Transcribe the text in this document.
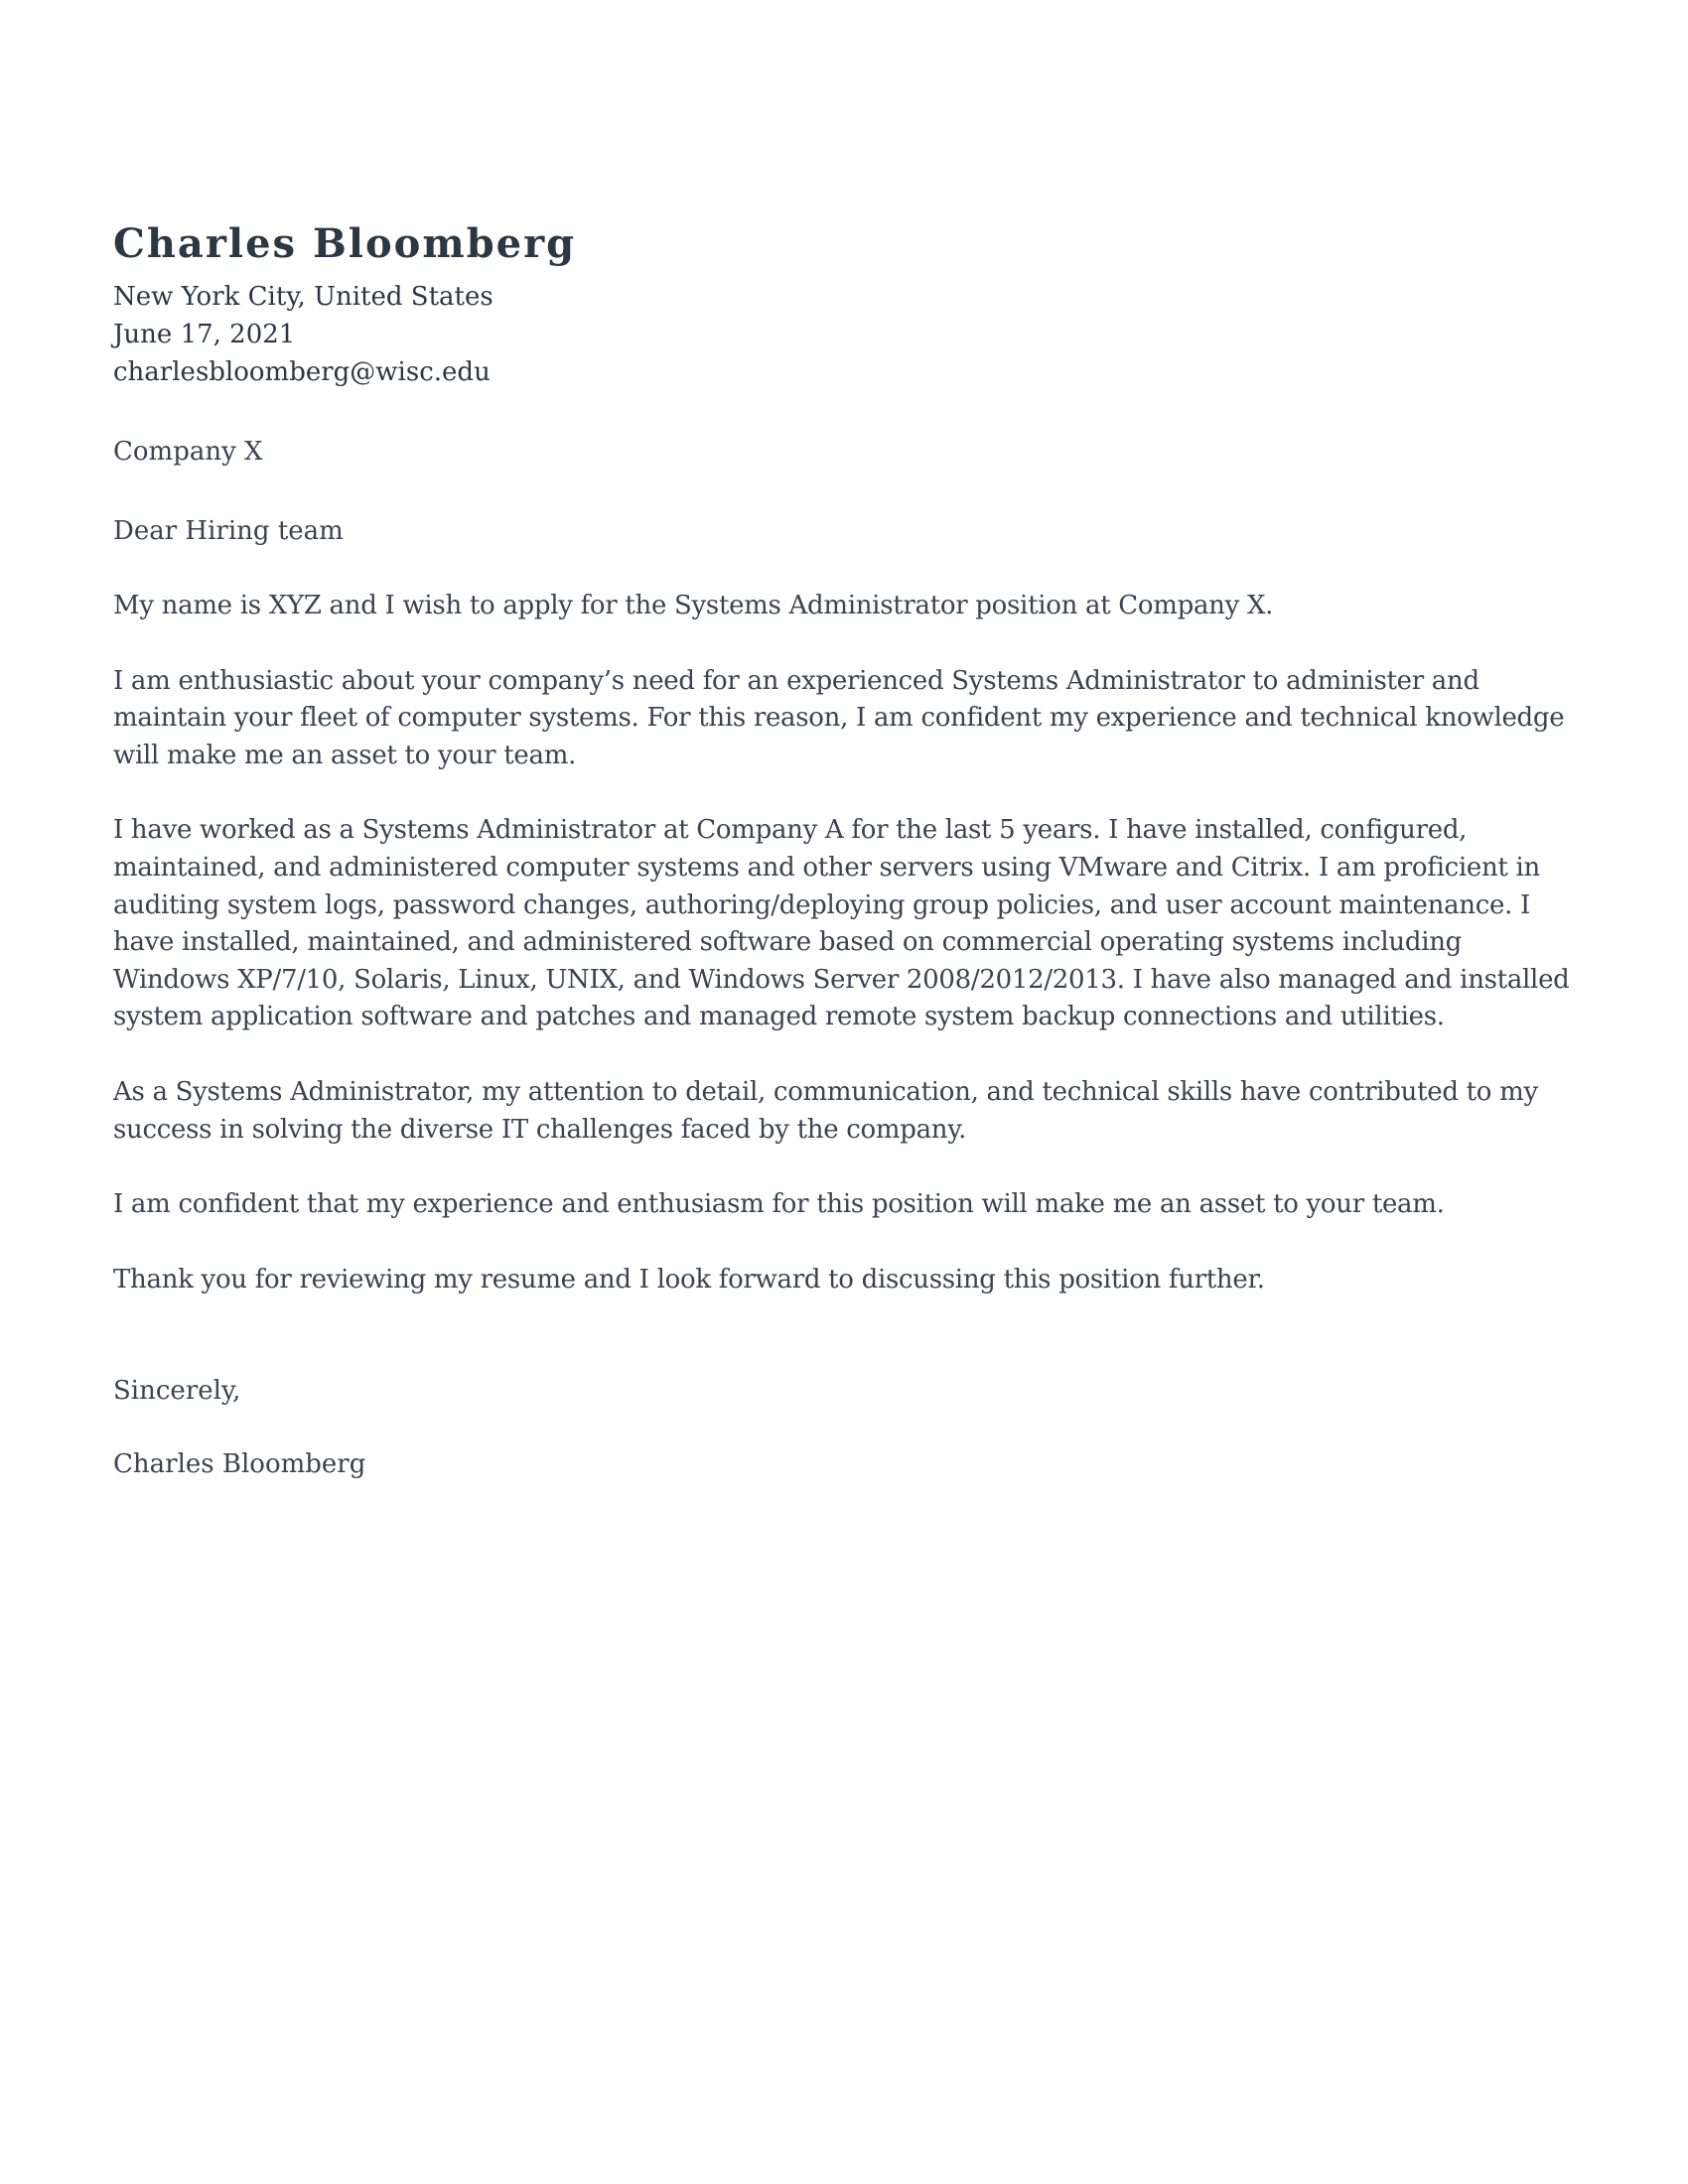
Charles Bloomberg
New York City, United States
June 17, 2021
charlesbloomberg@wisc.edu
Company X
Dear Hiring team

My name is XYZ and I wish to apply for the Systems Administrator position at Company X.

I am enthusiastic about your company’s need for an experienced Systems Administrator to administer and maintain your fleet of computer systems. For this reason, I am confident my experience and technical knowledge will make me an asset to your team.

I have worked as a Systems Administrator at Company A for the last 5 years. I have installed, configured, maintained, and administered computer systems and other servers using VMware and Citrix. I am proficient in auditing system logs, password changes, authoring/deploying group policies, and user account maintenance. I have installed, maintained, and administered software based on commercial operating systems including Windows XP/7/10, Solaris, Linux, UNIX, and Windows Server 2008/2012/2013. I have also managed and installed system application software and patches and managed remote system backup connections and utilities.

As a Systems Administrator, my attention to detail, communication, and technical skills have contributed to my success in solving the diverse IT challenges faced by the company.

I am confident that my experience and enthusiasm for this position will make me an asset to your team.

Thank you for reviewing my resume and I look forward to discussing this position further.

Sincerely,
Charles Bloomberg
